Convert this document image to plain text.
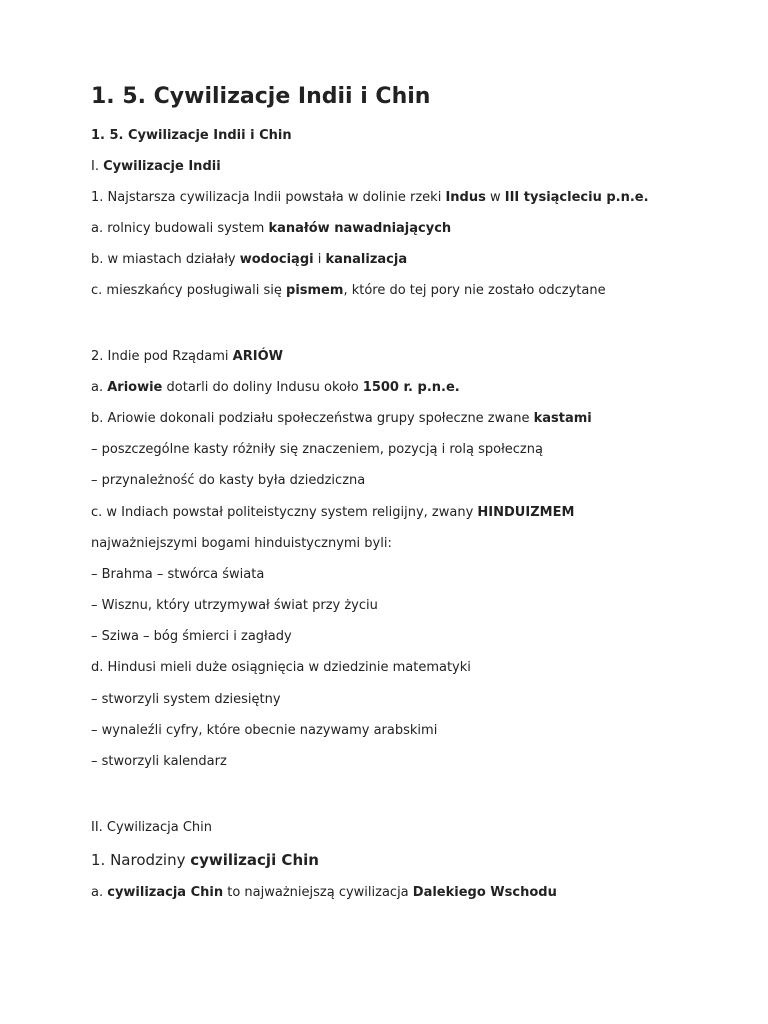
1. 5. Cywilizacje Indii i Chin

1. 5. Cywilizacje Indii i Chin

I. Cywilizacje Indii

1. Najstarsza cywilizacja Indii powstała w dolinie rzeki Indus w III tysiącleciu p.n.e.

a. rolnicy budowali system kanałów nawadniających

b. w miastach działały wodociągi i kanalizacja

c. mieszkańcy posługiwali się pismem, które do tej pory nie zostało odczytane

2. Indie pod Rządami ARIÓW

a. Ariowie dotarli do doliny Indusu około 1500 r. p.n.e.

b. Ariowie dokonali podziału społeczeństwa grupy społeczne zwane kastami

– poszczególne kasty różniły się znaczeniem, pozycją i rolą społeczną

– przynależność do kasty była dziedziczna

c. w Indiach powstał politeistyczny system religijny, zwany HINDUIZMEM

najważniejszymi bogami hinduistycznymi byli:

– Brahma – stwórca świata

– Wisznu, który utrzymywał świat przy życiu

– Sziwa – bóg śmierci i zagłady

d. Hindusi mieli duże osiągnięcia w dziedzinie matematyki

– stworzyli system dziesiętny

– wynaleźli cyfry, które obecnie nazywamy arabskimi

– stworzyli kalendarz

II. Cywilizacja Chin

1. Narodziny cywilizacji Chin

a. cywilizacja Chin to najważniejszą cywilizacja Dalekiego Wschodu
